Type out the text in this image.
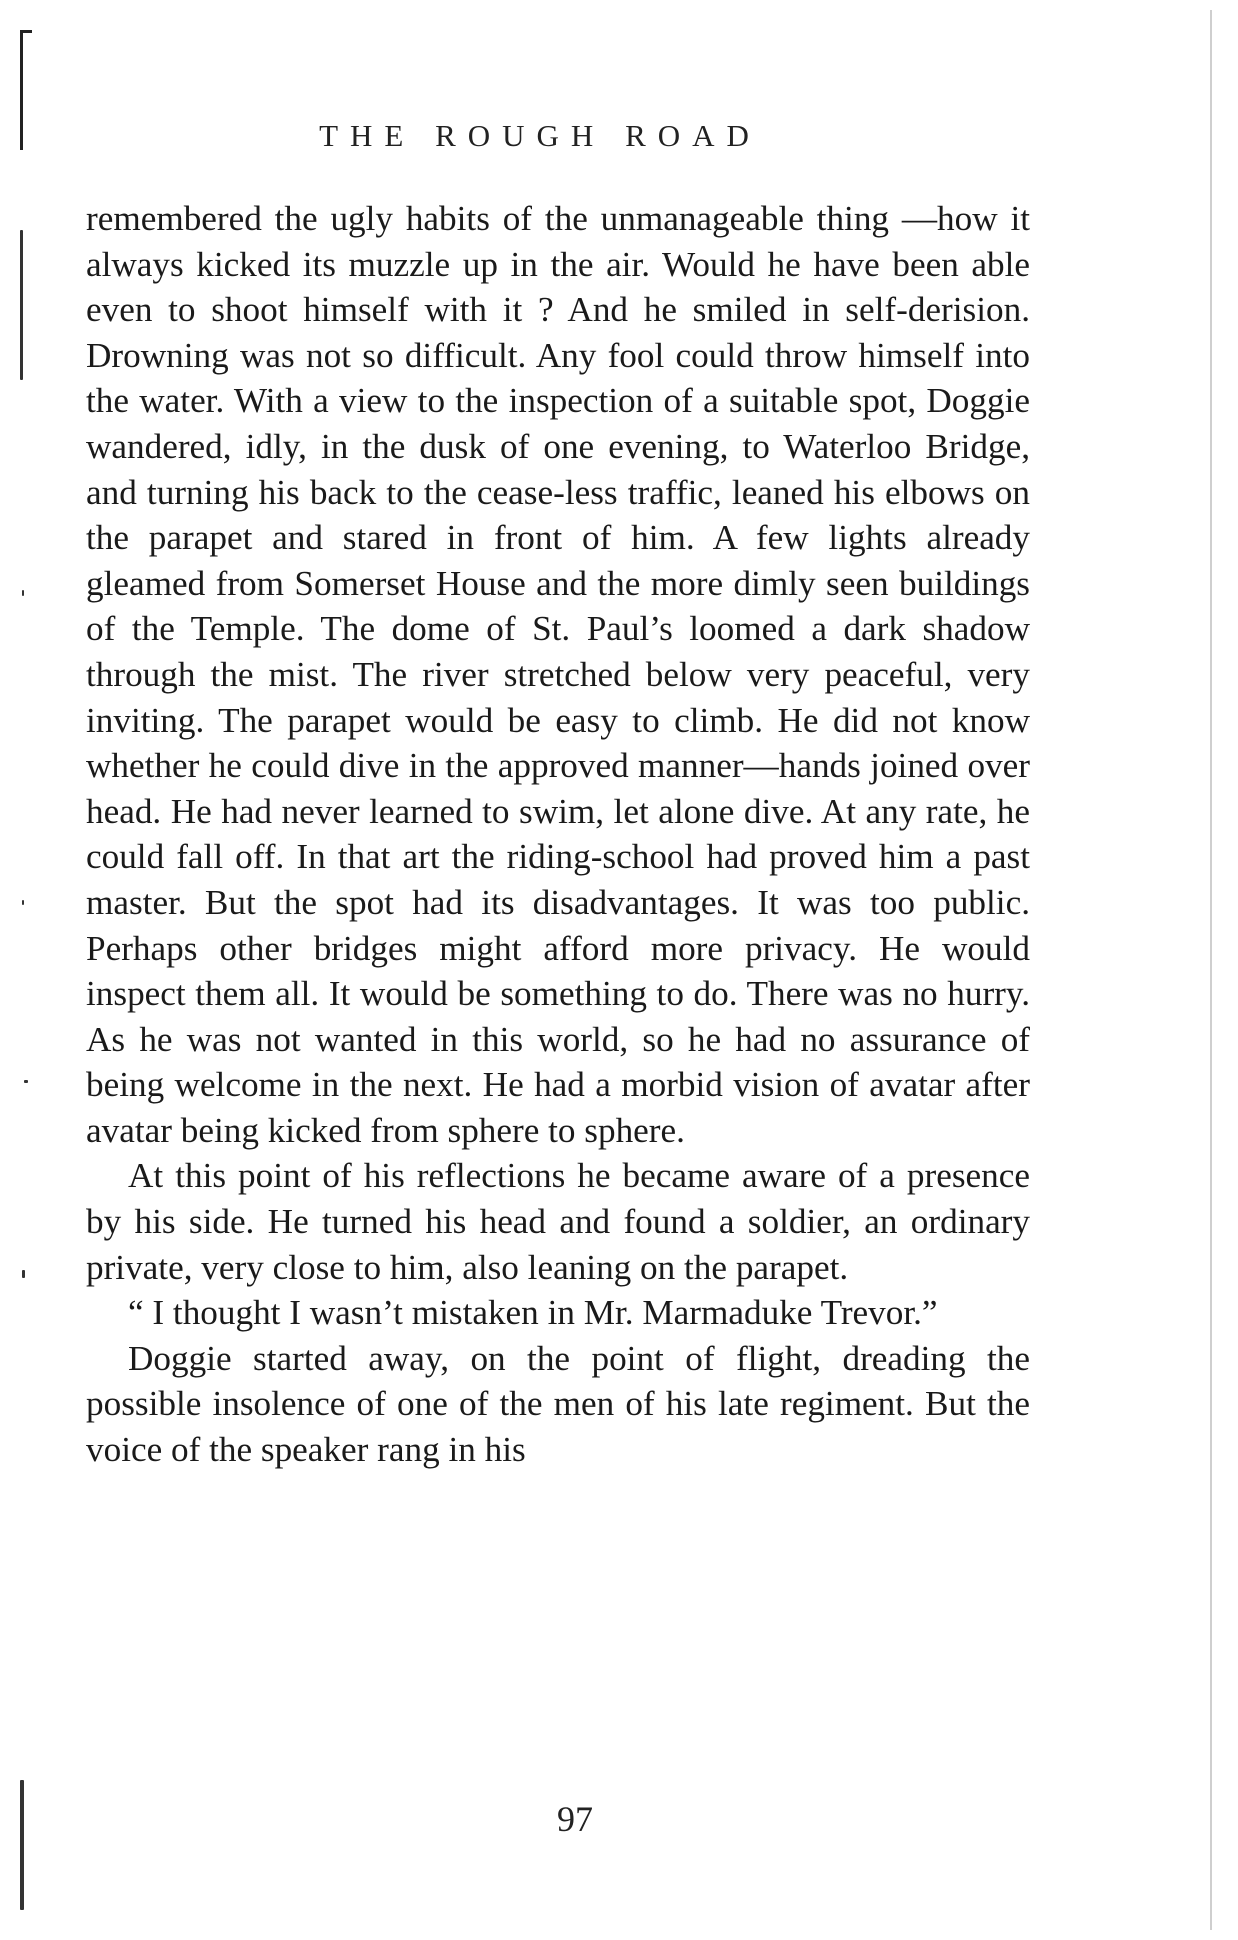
THE ROUGH ROAD

remembered the ugly habits of the unmanageable thing —how it always kicked its muzzle up in the air. Would he have been able even to shoot himself with it ? And he smiled in self-derision. Drowning was not so difficult. Any fool could throw himself into the water. With a view to the inspection of a suitable spot, Doggie wandered, idly, in the dusk of one evening, to Waterloo Bridge, and turning his back to the cease-less traffic, leaned his elbows on the parapet and stared in front of him. A few lights already gleamed from Somerset House and the more dimly seen buildings of the Temple. The dome of St. Paul’s loomed a dark shadow through the mist. The river stretched below very peaceful, very inviting. The parapet would be easy to climb. He did not know whether he could dive in the approved manner—hands joined over head. He had never learned to swim, let alone dive. At any rate, he could fall off. In that art the riding-school had proved him a past master. But the spot had its disadvantages. It was too public. Perhaps other bridges might afford more privacy. He would inspect them all. It would be something to do. There was no hurry. As he was not wanted in this world, so he had no assurance of being welcome in the next. He had a morbid vision of avatar after avatar being kicked from sphere to sphere.

At this point of his reflections he became aware of a presence by his side. He turned his head and found a soldier, an ordinary private, very close to him, also leaning on the parapet.

“ I thought I wasn’t mistaken in Mr. Marmaduke Trevor.”

Doggie started away, on the point of flight, dreading the possible insolence of one of the men of his late regiment. But the voice of the speaker rang in his

97
